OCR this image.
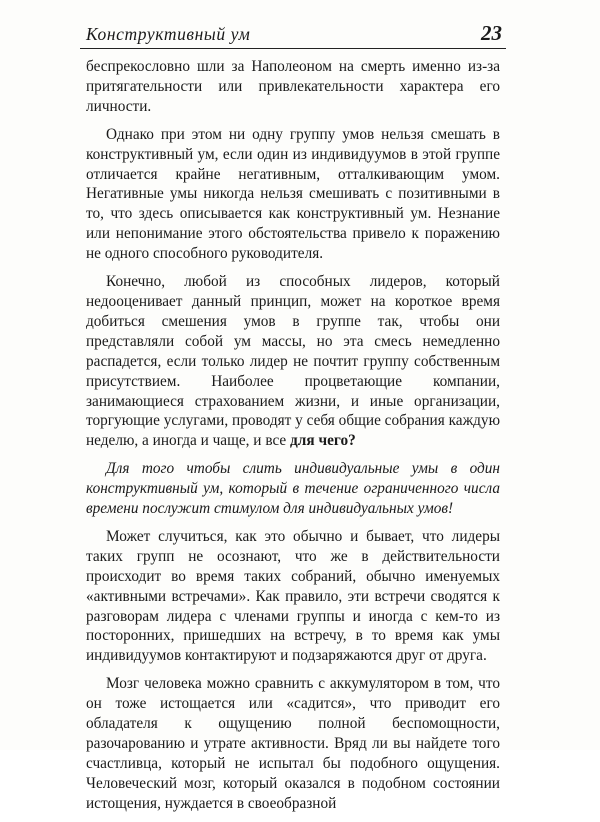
Конструктивный ум	23

беспрекословно шли за Наполеоном на смерть именно из-за притягательности или привлекательности характера его личности.

Однако при этом ни одну группу умов нельзя смешать в конструктивный ум, если один из индивидуумов в этой группе отличается крайне негативным, отталкивающим умом. Негативные умы никогда нельзя смешивать с позитивными в то, что здесь описывается как конструктивный ум. Незнание или непонимание этого обстоятельства привело к поражению не одного способного руководителя.

Конечно, любой из способных лидеров, который недооценивает данный принцип, может на короткое время добиться смешения умов в группе так, чтобы они представляли собой ум массы, но эта смесь немедленно распадется, если только лидер не почтит группу собственным присутствием. Наиболее процветающие компании, занимающиеся страхованием жизни, и иные организации, торгующие услугами, проводят у себя общие собрания каждую неделю, а иногда и чаще, и все для чего?

Для того чтобы слить индивидуальные умы в один конструктивный ум, который в течение ограниченного числа времени послужит стимулом для индивидуальных умов!

Может случиться, как это обычно и бывает, что лидеры таких групп не осознают, что же в действительности происходит во время таких собраний, обычно именуемых «активными встречами». Как правило, эти встречи сводятся к разговорам лидера с членами группы и иногда с кем-то из посторонних, пришедших на встречу, в то время как умы индивидуумов контактируют и подзаряжаются друг от друга.

Мозг человека можно сравнить с аккумулятором в том, что он тоже истощается или «садится», что приводит его обладателя к ощущению полной беспомощности, разочарованию и утрате активности. Вряд ли вы найдете того счастливца, который не испытал бы подобного ощущения. Человеческий мозг, который оказался в подобном состоянии истощения, нуждается в своеобразной
